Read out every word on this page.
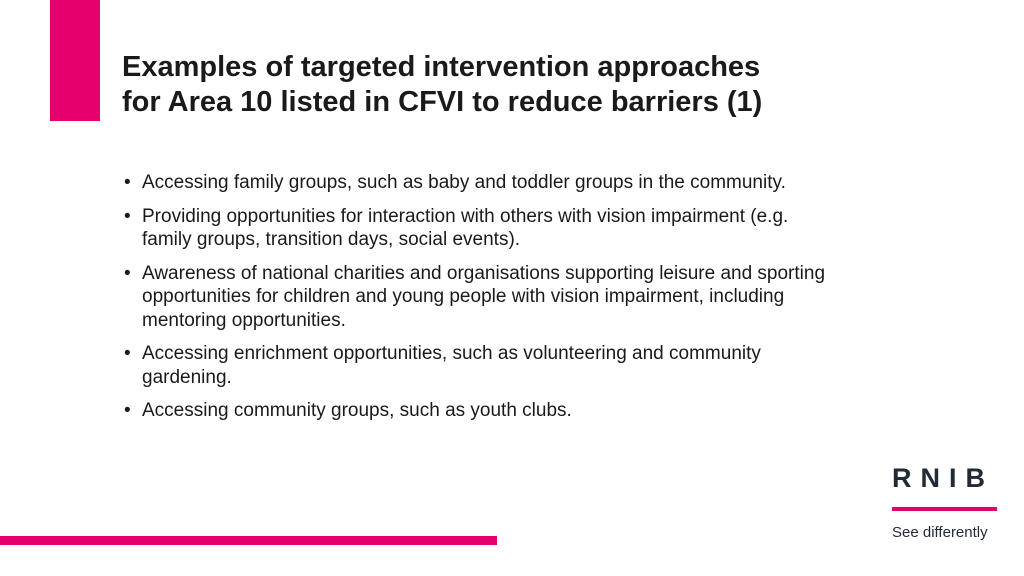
Examples of targeted intervention approaches
for Area 10 listed in CFVI to reduce barriers (1)
• Accessing family groups, such as baby and toddler groups in the community.
• Providing opportunities for interaction with others with vision impairment (e.g. family groups, transition days, social events).
• Awareness of national charities and organisations supporting leisure and sporting opportunities for children and young people with vision impairment, including mentoring opportunities.
• Accessing enrichment opportunities, such as volunteering and community gardening.
• Accessing community groups, such as youth clubs.
RNIB
See differently
